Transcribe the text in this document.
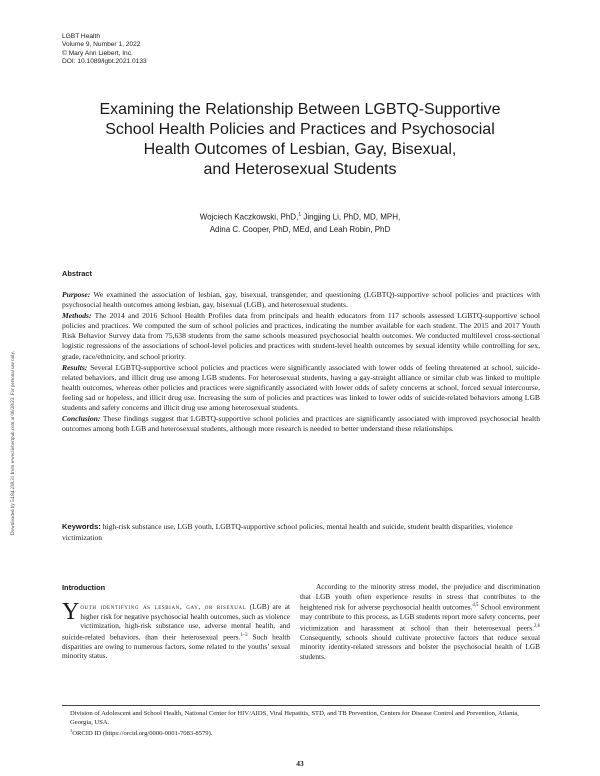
LGBT Health
Volume 9, Number 1, 2022
© Mary Ann Liebert, Inc.
DOI: 10.1089/lgbt.2021.0133
Examining the Relationship Between LGBTQ-Supportive
School Health Policies and Practices and Psychosocial
Health Outcomes of Lesbian, Gay, Bisexual,
and Heterosexual Students
Wojciech Kaczkowski, PhD,$^1$ Jingjing Li, PhD, MD, MPH,
Adina C. Cooper, PhD, MEd, and Leah Robin, PhD
Downloaded by 54.84.238.31 from www.liebertpub.com at 06/28/23. For personal use only.
Abstract

Purpose: We examined the association of lesbian, gay, bisexual, transgender, and questioning (LGBTQ)-supportive school policies and practices with psychosocial health outcomes among lesbian, gay, bisexual (LGB), and heterosexual students.

Methods: The 2014 and 2016 School Health Profiles data from principals and health educators from 117 schools assessed LGBTQ-supportive school policies and practices. We computed the sum of school policies and practices, indicating the number available for each student. The 2015 and 2017 Youth Risk Behavior Survey data from 75,638 students from the same schools measured psychosocial health outcomes. We conducted multilevel cross-sectional logistic regressions of the associations of school-level policies and practices with student-level health outcomes by sexual identity while controlling for sex, grade, race/ethnicity, and school priority.

Results: Several LGBTQ-supportive school policies and practices were significantly associated with lower odds of feeling threatened at school, suicide-related behaviors, and illicit drug use among LGB students. For heterosexual students, having a gay-straight alliance or similar club was linked to multiple health outcomes, whereas other policies and practices were significantly associated with lower odds of safety concerns at school, forced sexual intercourse, feeling sad or hopeless, and illicit drug use. Increasing the sum of policies and practices was linked to lower odds of suicide-related behaviors among LGB students and safety concerns and illicit drug use among heterosexual students.

Conclusion: These findings suggest that LGBTQ-supportive school policies and practices are significantly associated with improved psychosocial health outcomes among both LGB and heterosexual students, although more research is needed to better understand these relationships.

Keywords: high-risk substance use, LGB youth, LGBTQ-supportive school policies, mental health and suicide, student health disparities, violence victimization
Introduction
Youth identifying as lesbian, gay, or bisexual (LGB) are at higher risk for negative psychosocial health outcomes, such as violence victimization, high-risk substance use, adverse mental health, and suicide-related behaviors, than their heterosexual peers.$^{1-3}$ Such health disparities are owing to numerous factors, some related to the youths’ sexual minority status.

According to the minority stress model, the prejudice and discrimination that LGB youth often experience results in stress that contributes to the heightened risk for adverse psychosocial health outcomes.$^{4,5}$ School environment may contribute to this process, as LGB students report more safety concerns, peer victimization and harassment at school than their heterosexual peers.$^{2,6}$ Consequently, schools should cultivate protective factors that reduce sexual minority identity-related stressors and bolster the psychosocial health of LGB students.

Division of Adolescent and School Health, National Center for HIV/AIDS, Viral Hepatitis, STD, and TB Prevention, Centers for Disease Control and Prevention, Atlanta, Georgia, USA.

$^1$ORCID ID (https://orcid.org/0000-0001-7083-8579).

43
